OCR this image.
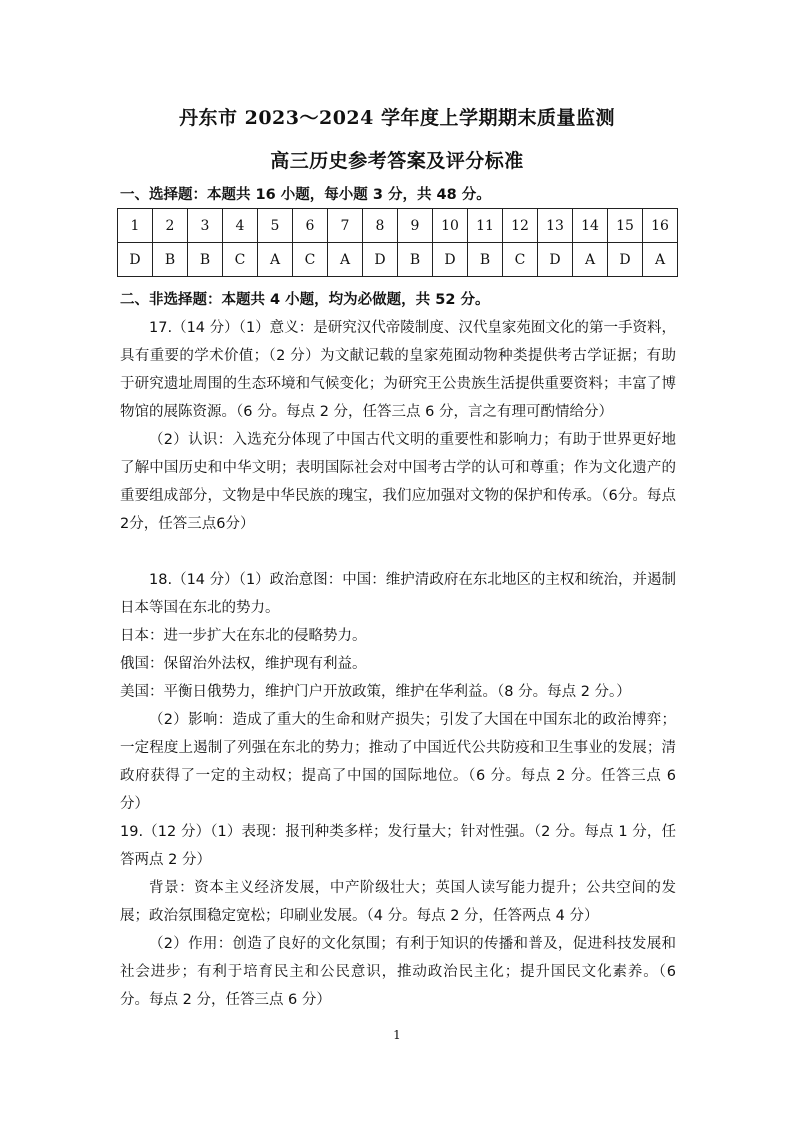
丹东市 2023～2024 学年度上学期期末质量监测
高三历史参考答案及评分标准
一、选择题：本题共 16 小题，每小题 3 分，共 48 分。
1	2	3	4	5	6	7	8	9	10	11	12	13	14	15	16
D	B	B	C	A	C	A	D	B	D	B	C	D	A	D	A
二、非选择题：本题共 4 小题，均为必做题，共 52 分。
17.（14 分）（1）意义：是研究汉代帝陵制度、汉代皇家苑囿文化的第一手资料，具有重要的学术价值；（2 分）为文献记载的皇家苑囿动物种类提供考古学证据；有助于研究遗址周围的生态环境和气候变化；为研究王公贵族生活提供重要资料；丰富了博物馆的展陈资源。（6 分。每点 2 分，任答三点 6 分，言之有理可酌情给分）
（2）认识：入选充分体现了中国古代文明的重要性和影响力；有助于世界更好地了解中国历史和中华文明；表明国际社会对中国考古学的认可和尊重；作为文化遗产的重要组成部分，文物是中华民族的瑰宝，我们应加强对文物的保护和传承。（6分。每点2分，任答三点6分）
18.（14 分）（1）政治意图：中国：维护清政府在东北地区的主权和统治，并遏制日本等国在东北的势力。
日本：进一步扩大在东北的侵略势力。
俄国：保留治外法权，维护现有利益。
美国：平衡日俄势力，维护门户开放政策，维护在华利益。（8 分。每点 2 分。）
（2）影响：造成了重大的生命和财产损失；引发了大国在中国东北的政治博弈；一定程度上遏制了列强在东北的势力；推动了中国近代公共防疫和卫生事业的发展；清政府获得了一定的主动权；提高了中国的国际地位。（6 分。每点 2 分。任答三点 6 分）
19.（12 分）（1）表现：报刊种类多样；发行量大；针对性强。（2 分。每点 1 分，任答两点 2 分）
背景：资本主义经济发展，中产阶级壮大；英国人读写能力提升；公共空间的发展；政治氛围稳定宽松；印刷业发展。（4 分。每点 2 分，任答两点 4 分）
（2）作用：创造了良好的文化氛围；有利于知识的传播和普及，促进科技发展和社会进步；有利于培育民主和公民意识，推动政治民主化；提升国民文化素养。（6 分。每点 2 分，任答三点 6 分）
1
